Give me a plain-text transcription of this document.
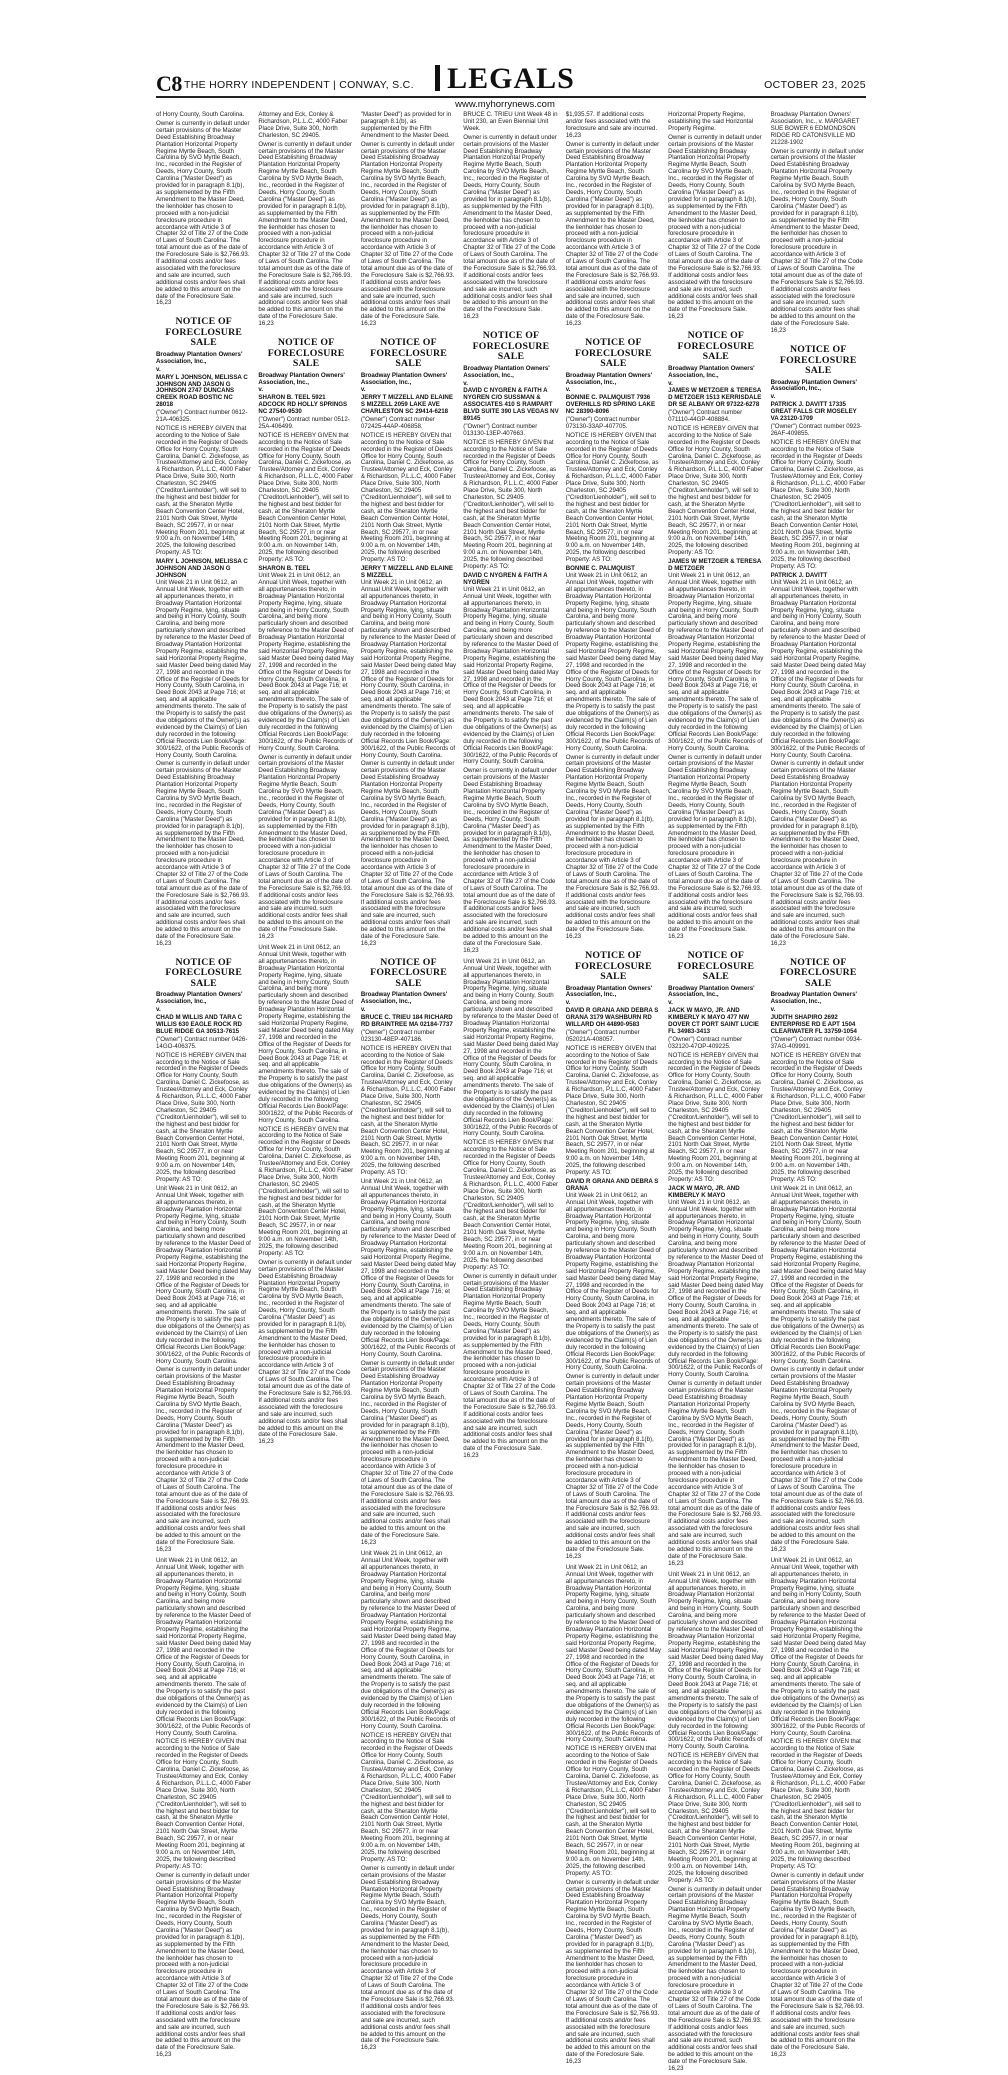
C8 THE HORRY INDEPENDENT | CONWAY, S.C.	LEGALS	OCTOBER 23, 2025
www.myhorrynews.com

of Horry County, South Carolina.

Owner is currently in default under certain provisions of the Master Deed Establishing Broadway Plantation Horizontal Property Regime Myrtle Beach, South Carolina by SVO Myrtle Beach, Inc., recorded in the Register of Deeds, Horry County, South Carolina ("Master Deed") as provided for in paragraph 8.1(b), as supplemented by the Fifth Amendment to the Master Deed, the lienholder has chosen to proceed with a non-judicial foreclosure procedure in accordance with Article 3 of Chapter 32 of Title 27 of the Code of Laws of South Carolina. The total amount due as of the date of the Foreclosure Sale is $2,766.93. If additional costs and/or fees associated with the foreclosure and sale are incurred, such additional costs and/or fees shall be added to this amount on the date of the Foreclosure Sale. 16,23

NOTICE OF FORECLOSURE SALE

Broadway Plantation Owners' Association, Inc.,

v.

MARY L JOHNSON, MELISSA C JOHNSON AND JASON G JOHNSON 2747 DUNCANS CREEK ROAD BOSTIC NC 28018

("Owner") Contract number 0612-21A-406325.

NOTICE IS HEREBY GIVEN that according to the Notice of Sale recorded in the Register of Deeds Office for Horry County, South Carolina, Daniel C. Zickefoose, as Trustee/Attorney and Eck, Conley & Richardson, P.L.L.C, 4000 Faber Place Drive, Suite 300, North Charleston, SC 29405 ("Creditor/Lienholder"), will sell to the highest and best bidder for cash, at the Sheraton Myrtle Beach Convention Center Hotel, 2101 North Oak Street, Myrtle Beach, SC 29577, in or near Meeting Room 201, beginning at 9:00 a.m. on November 14th, 2025, the following described Property: AS TO:

MARY L JOHNSON, MELISSA C JOHNSON AND JASON G JOHNSON

Unit Week 21 in Unit 0612, an Annual Unit Week, together with all appurtenances thereto, in Broadway Plantation Horizontal Property Regime, lying, situate and being in Horry County, South Carolina, and being more particularly shown and described by reference to the Master Deed of Broadway Plantation Horizontal Property Regime, establishing the said Horizontal Property Regime, said Master Deed being dated May 27, 1998 and recorded in the Office of the Register of Deeds for Horry County, South Carolina, in Deed Book 2043 at Page 716; et seq. and all applicable amendments thereto. The sale of the Property is to satisfy the past due obligations of the Owner(s) as evidenced by the Claim(s) of Lien duly recorded in the following Official Records Lien Book/Page: 300/1622, of the Public Records of Horry County, South Carolina.

Owner is currently in default under certain provisions of the Master Deed Establishing Broadway Plantation Horizontal Property Regime Myrtle Beach, South Carolina by SVO Myrtle Beach, Inc., recorded in the Register of Deeds, Horry County, South Carolina ("Master Deed") as provided for in paragraph 8.1(b), as supplemented by the Fifth Amendment to the Master Deed, the lienholder has chosen to proceed with a non-judicial foreclosure procedure in accordance with Article 3 of Chapter 32 of Title 27 of the Code of Laws of South Carolina. The total amount due as of the date of the Foreclosure Sale is $2,766.93. If additional costs and/or fees associated with the foreclosure and sale are incurred, such additional costs and/or fees shall be added to this amount on the date of the Foreclosure Sale. 16,23

NOTICE OF FORECLOSURE SALE

Broadway Plantation Owners' Association, Inc.,

v.

CHAD M WILLIS AND TARA C WILLIS 630 EAGLE ROCK RD BLUE RIDGE GA 30513-7615

("Owner") Contract number 0426-14GO-406375.

NOTICE IS HEREBY GIVEN that according to the Notice of Sale recorded in the Register of Deeds Office for Horry County, South Carolina, Daniel C. Zickefoose, as Trustee/Attorney and Eck, Conley & Richardson, P.L.L.C, 4000 Faber Place Drive, Suite 300, North Charleston, SC 29405 ("Creditor/Lienholder"), will sell to the highest and best bidder for cash, at the Sheraton Myrtle Beach Convention Center Hotel, 2101 North Oak Street, Myrtle Beach, SC 29577, in or near Meeting Room 201, beginning at 9:00 a.m. on November 14th, 2025, the following described Property: AS TO:

Unit Week 21 in Unit 0612, an Annual Unit Week, together with all appurtenances thereto, in Broadway Plantation Horizontal Property Regime, lying, situate and being in Horry County, South Carolina, and being more particularly shown and described by reference to the Master Deed of Broadway Plantation Horizontal Property Regime, establishing the said Horizontal Property Regime, said Master Deed being dated May 27, 1998 and recorded in the Office of the Register of Deeds for Horry County, South Carolina, in Deed Book 2043 at Page 716; et seq. and all applicable amendments thereto. The sale of the Property is to satisfy the past due obligations of the Owner(s) as evidenced by the Claim(s) of Lien duly recorded in the following Official Records Lien Book/Page: 300/1622, of the Public Records of Horry County, South Carolina.

Owner is currently in default under certain provisions of the Master Deed Establishing Broadway Plantation Horizontal Property Regime Myrtle Beach, South Carolina by SVO Myrtle Beach, Inc., recorded in the Register of Deeds, Horry County, South Carolina ("Master Deed") as provided for in paragraph 8.1(b), as supplemented by the Fifth Amendment to the Master Deed, the lienholder has chosen to proceed with a non-judicial foreclosure procedure in accordance with Article 3 of Chapter 32 of Title 27 of the Code of Laws of South Carolina. The total amount due as of the date of the Foreclosure Sale is $2,766.93. If additional costs and/or fees associated with the foreclosure and sale are incurred, such additional costs and/or fees shall be added to this amount on the date of the Foreclosure Sale. 16,23

Unit Week 21 in Unit 0612, an Annual Unit Week, together with all appurtenances thereto, in Broadway Plantation Horizontal Property Regime, lying, situate and being in Horry County, South Carolina, and being more particularly shown and described by reference to the Master Deed of Broadway Plantation Horizontal Property Regime, establishing the said Horizontal Property Regime, said Master Deed being dated May 27, 1998 and recorded in the Office of the Register of Deeds for Horry County, South Carolina, in Deed Book 2043 at Page 716; et seq. and all applicable amendments thereto. The sale of the Property is to satisfy the past due obligations of the Owner(s) as evidenced by the Claim(s) of Lien duly recorded in the following Official Records Lien Book/Page: 300/1622, of the Public Records of Horry County, South Carolina.

NOTICE IS HEREBY GIVEN that according to the Notice of Sale recorded in the Register of Deeds Office for Horry County, South Carolina, Daniel C. Zickefoose, as Trustee/Attorney and Eck, Conley & Richardson, P.L.L.C, 4000 Faber Place Drive, Suite 300, North Charleston, SC 29405 ("Creditor/Lienholder"), will sell to the highest and best bidder for cash, at the Sheraton Myrtle Beach Convention Center Hotel, 2101 North Oak Street, Myrtle Beach, SC 29577, in or near Meeting Room 201, beginning at 9:00 a.m. on November 14th, 2025, the following described Property: AS TO:

Owner is currently in default under certain provisions of the Master Deed Establishing Broadway Plantation Horizontal Property Regime Myrtle Beach, South Carolina by SVO Myrtle Beach, Inc., recorded in the Register of Deeds, Horry County, South Carolina ("Master Deed") as provided for in paragraph 8.1(b), as supplemented by the Fifth Amendment to the Master Deed, the lienholder has chosen to proceed with a non-judicial foreclosure procedure in accordance with Article 3 of Chapter 32 of Title 27 of the Code of Laws of South Carolina. The total amount due as of the date of the Foreclosure Sale is $2,766.93. If additional costs and/or fees associated with the foreclosure and sale are incurred, such additional costs and/or fees shall be added to this amount on the date of the Foreclosure Sale. 16,23

Attorney and Eck, Conley & Richardson, P.L.L.C, 4000 Faber Place Drive, Suite 300, North Charleston, SC 29405.

Owner is currently in default under certain provisions of the Master Deed Establishing Broadway Plantation Horizontal Property Regime Myrtle Beach, South Carolina by SVO Myrtle Beach, Inc., recorded in the Register of Deeds, Horry County, South Carolina ("Master Deed") as provided for in paragraph 8.1(b), as supplemented by the Fifth Amendment to the Master Deed, the lienholder has chosen to proceed with a non-judicial foreclosure procedure in accordance with Article 3 of Chapter 32 of Title 27 of the Code of Laws of South Carolina. The total amount due as of the date of the Foreclosure Sale is $2,766.93. If additional costs and/or fees associated with the foreclosure and sale are incurred, such additional costs and/or fees shall be added to this amount on the date of the Foreclosure Sale. 16,23

NOTICE OF FORECLOSURE SALE

Broadway Plantation Owners' Association, Inc.,

v.

SHARON B. TEEL 5921 ADCOCK RD HOLLY SPRINGS NC 27540-9530

("Owner") Contract number 0512-25A-406499.

NOTICE IS HEREBY GIVEN that according to the Notice of Sale recorded in the Register of Deeds Office for Horry County, South Carolina, Daniel C. Zickefoose, as Trustee/Attorney and Eck, Conley & Richardson, P.L.L.C, 4000 Faber Place Drive, Suite 300, North Charleston, SC 29405 ("Creditor/Lienholder"), will sell to the highest and best bidder for cash, at the Sheraton Myrtle Beach Convention Center Hotel, 2101 North Oak Street, Myrtle Beach, SC 29577, in or near Meeting Room 201, beginning at 9:00 a.m. on November 14th, 2025, the following described Property: AS TO:

SHARON B. TEEL

Unit Week 21 in Unit 0612, an Annual Unit Week, together with all appurtenances thereto, in Broadway Plantation Horizontal Property Regime, lying, situate and being in Horry County, South Carolina, and being more particularly shown and described by reference to the Master Deed of Broadway Plantation Horizontal Property Regime, establishing the said Horizontal Property Regime, said Master Deed being dated May 27, 1998 and recorded in the Office of the Register of Deeds for Horry County, South Carolina, in Deed Book 2043 at Page 716; et seq. and all applicable amendments thereto. The sale of the Property is to satisfy the past due obligations of the Owner(s) as evidenced by the Claim(s) of Lien duly recorded in the following Official Records Lien Book/Page: 300/1622, of the Public Records of Horry County, South Carolina.

Owner is currently in default under certain provisions of the Master Deed Establishing Broadway Plantation Horizontal Property Regime Myrtle Beach, South Carolina by SVO Myrtle Beach, Inc., recorded in the Register of Deeds, Horry County, South Carolina ("Master Deed") as provided for in paragraph 8.1(b), as supplemented by the Fifth Amendment to the Master Deed, the lienholder has chosen to proceed with a non-judicial foreclosure procedure in accordance with Article 3 of Chapter 32 of Title 27 of the Code of Laws of South Carolina. The total amount due as of the date of the Foreclosure Sale is $2,766.93. If additional costs and/or fees associated with the foreclosure and sale are incurred, such additional costs and/or fees shall be added to this amount on the date of the Foreclosure Sale. 16,23

Unit Week 21 in Unit 0612, an Annual Unit Week, together with all appurtenances thereto, in Broadway Plantation Horizontal Property Regime, lying, situate and being in Horry County, South Carolina, and being more particularly shown and described by reference to the Master Deed of Broadway Plantation Horizontal Property Regime, establishing the said Horizontal Property Regime, said Master Deed being dated May 27, 1998 and recorded in the Office of the Register of Deeds for Horry County, South Carolina, in Deed Book 2043 at Page 716; et seq. and all applicable amendments thereto. The sale of the Property is to satisfy the past due obligations of the Owner(s) as evidenced by the Claim(s) of Lien duly recorded in the following Official Records Lien Book/Page: 300/1622, of the Public Records of Horry County, South Carolina.

NOTICE IS HEREBY GIVEN that according to the Notice of Sale recorded in the Register of Deeds Office for Horry County, South Carolina, Daniel C. Zickefoose, as Trustee/Attorney and Eck, Conley & Richardson, P.L.L.C, 4000 Faber Place Drive, Suite 300, North Charleston, SC 29405 ("Creditor/Lienholder"), will sell to the highest and best bidder for cash, at the Sheraton Myrtle Beach Convention Center Hotel, 2101 North Oak Street, Myrtle Beach, SC 29577, in or near Meeting Room 201, beginning at 9:00 a.m. on November 14th, 2025, the following described Property: AS TO:

Owner is currently in default under certain provisions of the Master Deed Establishing Broadway Plantation Horizontal Property Regime Myrtle Beach, South Carolina by SVO Myrtle Beach, Inc., recorded in the Register of Deeds, Horry County, South Carolina ("Master Deed") as provided for in paragraph 8.1(b), as supplemented by the Fifth Amendment to the Master Deed, the lienholder has chosen to proceed with a non-judicial foreclosure procedure in accordance with Article 3 of Chapter 32 of Title 27 of the Code of Laws of South Carolina. The total amount due as of the date of the Foreclosure Sale is $2,766.93. If additional costs and/or fees associated with the foreclosure and sale are incurred, such additional costs and/or fees shall be added to this amount on the date of the Foreclosure Sale. 16,23

"Master Deed") as provided for in paragraph 8.1(b), as supplemented by the Fifth Amendment to the Master Deed.

Owner is currently in default under certain provisions of the Master Deed Establishing Broadway Plantation Horizontal Property Regime Myrtle Beach, South Carolina by SVO Myrtle Beach, Inc., recorded in the Register of Deeds, Horry County, South Carolina ("Master Deed") as provided for in paragraph 8.1(b), as supplemented by the Fifth Amendment to the Master Deed, the lienholder has chosen to proceed with a non-judicial foreclosure procedure in accordance with Article 3 of Chapter 32 of Title 27 of the Code of Laws of South Carolina. The total amount due as of the date of the Foreclosure Sale is $2,766.93. If additional costs and/or fees associated with the foreclosure and sale are incurred, such additional costs and/or fees shall be added to this amount on the date of the Foreclosure Sale. 16,23

NOTICE OF FORECLOSURE SALE

Broadway Plantation Owners' Association, Inc.,

v.

JERRY T MIZZELL AND ELAINE S MIZZELL 2059 LAKE AVE CHARLESTON SC 29414-6218

("Owner") Contract number 072425-44AP-406858.

NOTICE IS HEREBY GIVEN that according to the Notice of Sale recorded in the Register of Deeds Office for Horry County, South Carolina, Daniel C. Zickefoose, as Trustee/Attorney and Eck, Conley & Richardson, P.L.L.C, 4000 Faber Place Drive, Suite 300, North Charleston, SC 29405 ("Creditor/Lienholder"), will sell to the highest and best bidder for cash, at the Sheraton Myrtle Beach Convention Center Hotel, 2101 North Oak Street, Myrtle Beach, SC 29577, in or near Meeting Room 201, beginning at 9:00 a.m. on November 14th, 2025, the following described Property: AS TO:

JERRY T MIZZELL AND ELAINE S MIZZELL

Unit Week 21 in Unit 0612, an Annual Unit Week, together with all appurtenances thereto, in Broadway Plantation Horizontal Property Regime, lying, situate and being in Horry County, South Carolina, and being more particularly shown and described by reference to the Master Deed of Broadway Plantation Horizontal Property Regime, establishing the said Horizontal Property Regime, said Master Deed being dated May 27, 1998 and recorded in the Office of the Register of Deeds for Horry County, South Carolina, in Deed Book 2043 at Page 716; et seq. and all applicable amendments thereto. The sale of the Property is to satisfy the past due obligations of the Owner(s) as evidenced by the Claim(s) of Lien duly recorded in the following Official Records Lien Book/Page: 300/1622, of the Public Records of Horry County, South Carolina.

Owner is currently in default under certain provisions of the Master Deed Establishing Broadway Plantation Horizontal Property Regime Myrtle Beach, South Carolina by SVO Myrtle Beach, Inc., recorded in the Register of Deeds, Horry County, South Carolina ("Master Deed") as provided for in paragraph 8.1(b), as supplemented by the Fifth Amendment to the Master Deed, the lienholder has chosen to proceed with a non-judicial foreclosure procedure in accordance with Article 3 of Chapter 32 of Title 27 of the Code of Laws of South Carolina. The total amount due as of the date of the Foreclosure Sale is $2,766.93. If additional costs and/or fees associated with the foreclosure and sale are incurred, such additional costs and/or fees shall be added to this amount on the date of the Foreclosure Sale. 16,23

NOTICE OF FORECLOSURE SALE

Broadway Plantation Owners' Association, Inc.,

v.

BRUCE C. TRIEU 184 RICHARD RD BRAINTREE MA 02184-7737

("Owner") Contract number 023130-48EP-407186.

NOTICE IS HEREBY GIVEN that according to the Notice of Sale recorded in the Register of Deeds Office for Horry County, South Carolina, Daniel C. Zickefoose, as Trustee/Attorney and Eck, Conley & Richardson, P.L.L.C, 4000 Faber Place Drive, Suite 300, North Charleston, SC 29405 ("Creditor/Lienholder"), will sell to the highest and best bidder for cash, at the Sheraton Myrtle Beach Convention Center Hotel, 2101 North Oak Street, Myrtle Beach, SC 29577, in or near Meeting Room 201, beginning at 9:00 a.m. on November 14th, 2025, the following described Property: AS TO:

Unit Week 21 in Unit 0612, an Annual Unit Week, together with all appurtenances thereto, in Broadway Plantation Horizontal Property Regime, lying, situate and being in Horry County, South Carolina, and being more particularly shown and described by reference to the Master Deed of Broadway Plantation Horizontal Property Regime, establishing the said Horizontal Property Regime, said Master Deed being dated May 27, 1998 and recorded in the Office of the Register of Deeds for Horry County, South Carolina, in Deed Book 2043 at Page 716; et seq. and all applicable amendments thereto. The sale of the Property is to satisfy the past due obligations of the Owner(s) as evidenced by the Claim(s) of Lien duly recorded in the following Official Records Lien Book/Page: 300/1622, of the Public Records of Horry County, South Carolina.

Owner is currently in default under certain provisions of the Master Deed Establishing Broadway Plantation Horizontal Property Regime Myrtle Beach, South Carolina by SVO Myrtle Beach, Inc., recorded in the Register of Deeds, Horry County, South Carolina ("Master Deed") as provided for in paragraph 8.1(b), as supplemented by the Fifth Amendment to the Master Deed, the lienholder has chosen to proceed with a non-judicial foreclosure procedure in accordance with Article 3 of Chapter 32 of Title 27 of the Code of Laws of South Carolina. The total amount due as of the date of the Foreclosure Sale is $2,766.93. If additional costs and/or fees associated with the foreclosure and sale are incurred, such additional costs and/or fees shall be added to this amount on the date of the Foreclosure Sale. 16,23

Unit Week 21 in Unit 0612, an Annual Unit Week, together with all appurtenances thereto, in Broadway Plantation Horizontal Property Regime, lying, situate and being in Horry County, South Carolina, and being more particularly shown and described by reference to the Master Deed of Broadway Plantation Horizontal Property Regime, establishing the said Horizontal Property Regime, said Master Deed being dated May 27, 1998 and recorded in the Office of the Register of Deeds for Horry County, South Carolina, in Deed Book 2043 at Page 716; et seq. and all applicable amendments thereto. The sale of the Property is to satisfy the past due obligations of the Owner(s) as evidenced by the Claim(s) of Lien duly recorded in the following Official Records Lien Book/Page: 300/1622, of the Public Records of Horry County, South Carolina.

NOTICE IS HEREBY GIVEN that according to the Notice of Sale recorded in the Register of Deeds Office for Horry County, South Carolina, Daniel C. Zickefoose, as Trustee/Attorney and Eck, Conley & Richardson, P.L.L.C, 4000 Faber Place Drive, Suite 300, North Charleston, SC 29405 ("Creditor/Lienholder"), will sell to the highest and best bidder for cash, at the Sheraton Myrtle Beach Convention Center Hotel, 2101 North Oak Street, Myrtle Beach, SC 29577, in or near Meeting Room 201, beginning at 9:00 a.m. on November 14th, 2025, the following described Property: AS TO:

Owner is currently in default under certain provisions of the Master Deed Establishing Broadway Plantation Horizontal Property Regime Myrtle Beach, South Carolina by SVO Myrtle Beach, Inc., recorded in the Register of Deeds, Horry County, South Carolina ("Master Deed") as provided for in paragraph 8.1(b), as supplemented by the Fifth Amendment to the Master Deed, the lienholder has chosen to proceed with a non-judicial foreclosure procedure in accordance with Article 3 of Chapter 32 of Title 27 of the Code of Laws of South Carolina. The total amount due as of the date of the Foreclosure Sale is $2,766.93. If additional costs and/or fees associated with the foreclosure and sale are incurred, such additional costs and/or fees shall be added to this amount on the date of the Foreclosure Sale. 16,23

BRUCE C. TRIEU Unit Week 48 in Unit 230, an Even Biennial Unit Week.

Owner is currently in default under certain provisions of the Master Deed Establishing Broadway Plantation Horizontal Property Regime Myrtle Beach, South Carolina by SVO Myrtle Beach, Inc., recorded in the Register of Deeds, Horry County, South Carolina ("Master Deed") as provided for in paragraph 8.1(b), as supplemented by the Fifth Amendment to the Master Deed, the lienholder has chosen to proceed with a non-judicial foreclosure procedure in accordance with Article 3 of Chapter 32 of Title 27 of the Code of Laws of South Carolina. The total amount due as of the date of the Foreclosure Sale is $2,766.93. If additional costs and/or fees associated with the foreclosure and sale are incurred, such additional costs and/or fees shall be added to this amount on the date of the Foreclosure Sale. 16,23

NOTICE OF FORECLOSURE SALE

Broadway Plantation Owners' Association, Inc.,

v.

DAVID C NYGREN & FAITH A NYGREN C/O SUSSMAN & ASSOCIATES 410 S RAMPART BLVD SUITE 390 LAS VEGAS NV 89145

("Owner") Contract number 013130-13EP-407663.

NOTICE IS HEREBY GIVEN that according to the Notice of Sale recorded in the Register of Deeds Office for Horry County, South Carolina, Daniel C. Zickefoose, as Trustee/Attorney and Eck, Conley & Richardson, P.L.L.C, 4000 Faber Place Drive, Suite 300, North Charleston, SC 29405 ("Creditor/Lienholder"), will sell to the highest and best bidder for cash, at the Sheraton Myrtle Beach Convention Center Hotel, 2101 North Oak Street, Myrtle Beach, SC 29577, in or near Meeting Room 201, beginning at 9:00 a.m. on November 14th, 2025, the following described Property: AS TO:

DAVID C NYGREN & FAITH A NYGREN

Unit Week 21 in Unit 0612, an Annual Unit Week, together with all appurtenances thereto, in Broadway Plantation Horizontal Property Regime, lying, situate and being in Horry County, South Carolina, and being more particularly shown and described by reference to the Master Deed of Broadway Plantation Horizontal Property Regime, establishing the said Horizontal Property Regime, said Master Deed being dated May 27, 1998 and recorded in the Office of the Register of Deeds for Horry County, South Carolina, in Deed Book 2043 at Page 716; et seq. and all applicable amendments thereto. The sale of the Property is to satisfy the past due obligations of the Owner(s) as evidenced by the Claim(s) of Lien duly recorded in the following Official Records Lien Book/Page: 300/1622, of the Public Records of Horry County, South Carolina.

Owner is currently in default under certain provisions of the Master Deed Establishing Broadway Plantation Horizontal Property Regime Myrtle Beach, South Carolina by SVO Myrtle Beach, Inc., recorded in the Register of Deeds, Horry County, South Carolina ("Master Deed") as provided for in paragraph 8.1(b), as supplemented by the Fifth Amendment to the Master Deed, the lienholder has chosen to proceed with a non-judicial foreclosure procedure in accordance with Article 3 of Chapter 32 of Title 27 of the Code of Laws of South Carolina. The total amount due as of the date of the Foreclosure Sale is $2,766.93. If additional costs and/or fees associated with the foreclosure and sale are incurred, such additional costs and/or fees shall be added to this amount on the date of the Foreclosure Sale. 16,23

Unit Week 21 in Unit 0612, an Annual Unit Week, together with all appurtenances thereto, in Broadway Plantation Horizontal Property Regime, lying, situate and being in Horry County, South Carolina, and being more particularly shown and described by reference to the Master Deed of Broadway Plantation Horizontal Property Regime, establishing the said Horizontal Property Regime, said Master Deed being dated May 27, 1998 and recorded in the Office of the Register of Deeds for Horry County, South Carolina, in Deed Book 2043 at Page 716; et seq. and all applicable amendments thereto. The sale of the Property is to satisfy the past due obligations of the Owner(s) as evidenced by the Claim(s) of Lien duly recorded in the following Official Records Lien Book/Page: 300/1622, of the Public Records of Horry County, South Carolina.

NOTICE IS HEREBY GIVEN that according to the Notice of Sale recorded in the Register of Deeds Office for Horry County, South Carolina, Daniel C. Zickefoose, as Trustee/Attorney and Eck, Conley & Richardson, P.L.L.C, 4000 Faber Place Drive, Suite 300, North Charleston, SC 29405 ("Creditor/Lienholder"), will sell to the highest and best bidder for cash, at the Sheraton Myrtle Beach Convention Center Hotel, 2101 North Oak Street, Myrtle Beach, SC 29577, in or near Meeting Room 201, beginning at 9:00 a.m. on November 14th, 2025, the following described Property: AS TO:

Owner is currently in default under certain provisions of the Master Deed Establishing Broadway Plantation Horizontal Property Regime Myrtle Beach, South Carolina by SVO Myrtle Beach, Inc., recorded in the Register of Deeds, Horry County, South Carolina ("Master Deed") as provided for in paragraph 8.1(b), as supplemented by the Fifth Amendment to the Master Deed, the lienholder has chosen to proceed with a non-judicial foreclosure procedure in accordance with Article 3 of Chapter 32 of Title 27 of the Code of Laws of South Carolina. The total amount due as of the date of the Foreclosure Sale is $2,766.93. If additional costs and/or fees associated with the foreclosure and sale are incurred, such additional costs and/or fees shall be added to this amount on the date of the Foreclosure Sale. 16,23

$1,935.57. If additional costs and/or fees associated with the foreclosure and sale are incurred. 16,23

Owner is currently in default under certain provisions of the Master Deed Establishing Broadway Plantation Horizontal Property Regime Myrtle Beach, South Carolina by SVO Myrtle Beach, Inc., recorded in the Register of Deeds, Horry County, South Carolina ("Master Deed") as provided for in paragraph 8.1(b), as supplemented by the Fifth Amendment to the Master Deed, the lienholder has chosen to proceed with a non-judicial foreclosure procedure in accordance with Article 3 of Chapter 32 of Title 27 of the Code of Laws of South Carolina. The total amount due as of the date of the Foreclosure Sale is $2,766.93. If additional costs and/or fees associated with the foreclosure and sale are incurred, such additional costs and/or fees shall be added to this amount on the date of the Foreclosure Sale. 16,23

NOTICE OF FORECLOSURE SALE

Broadway Plantation Owners' Association, Inc.,

v.

BONNIE C. PALMQUIST 7936 OVERHILLS RD SPRING LAKE NC 28390-8096

("Owner") Contract number 073130-33AP-407705.

NOTICE IS HEREBY GIVEN that according to the Notice of Sale recorded in the Register of Deeds Office for Horry County, South Carolina, Daniel C. Zickefoose, as Trustee/Attorney and Eck, Conley & Richardson, P.L.L.C, 4000 Faber Place Drive, Suite 300, North Charleston, SC 29405 ("Creditor/Lienholder"), will sell to the highest and best bidder for cash, at the Sheraton Myrtle Beach Convention Center Hotel, 2101 North Oak Street, Myrtle Beach, SC 29577, in or near Meeting Room 201, beginning at 9:00 a.m. on November 14th, 2025, the following described Property: AS TO:

BONNIE C. PALMQUIST

Unit Week 21 in Unit 0612, an Annual Unit Week, together with all appurtenances thereto, in Broadway Plantation Horizontal Property Regime, lying, situate and being in Horry County, South Carolina, and being more particularly shown and described by reference to the Master Deed of Broadway Plantation Horizontal Property Regime, establishing the said Horizontal Property Regime, said Master Deed being dated May 27, 1998 and recorded in the Office of the Register of Deeds for Horry County, South Carolina, in Deed Book 2043 at Page 716; et seq. and all applicable amendments thereto. The sale of the Property is to satisfy the past due obligations of the Owner(s) as evidenced by the Claim(s) of Lien duly recorded in the following Official Records Lien Book/Page: 300/1622, of the Public Records of Horry County, South Carolina.

Owner is currently in default under certain provisions of the Master Deed Establishing Broadway Plantation Horizontal Property Regime Myrtle Beach, South Carolina by SVO Myrtle Beach, Inc., recorded in the Register of Deeds, Horry County, South Carolina ("Master Deed") as provided for in paragraph 8.1(b), as supplemented by the Fifth Amendment to the Master Deed, the lienholder has chosen to proceed with a non-judicial foreclosure procedure in accordance with Article 3 of Chapter 32 of Title 27 of the Code of Laws of South Carolina. The total amount due as of the date of the Foreclosure Sale is $2,766.93. If additional costs and/or fees associated with the foreclosure and sale are incurred, such additional costs and/or fees shall be added to this amount on the date of the Foreclosure Sale. 16,23

NOTICE OF FORECLOSURE SALE

Broadway Plantation Owners' Association, Inc.,

v.

DAVID R GRANA AND DEBRA S GRANA 3179 WASHBURN RD WILLARD OH 44890-9583

("Owner") Contract number 052021A-408057.

NOTICE IS HEREBY GIVEN that according to the Notice of Sale recorded in the Register of Deeds Office for Horry County, South Carolina, Daniel C. Zickefoose, as Trustee/Attorney and Eck, Conley & Richardson, P.L.L.C, 4000 Faber Place Drive, Suite 300, North Charleston, SC 29405 ("Creditor/Lienholder"), will sell to the highest and best bidder for cash, at the Sheraton Myrtle Beach Convention Center Hotel, 2101 North Oak Street, Myrtle Beach, SC 29577, in or near Meeting Room 201, beginning at 9:00 a.m. on November 14th, 2025, the following described Property: AS TO:

DAVID R GRANA AND DEBRA S GRANA

Unit Week 21 in Unit 0612, an Annual Unit Week, together with all appurtenances thereto, in Broadway Plantation Horizontal Property Regime, lying, situate and being in Horry County, South Carolina, and being more particularly shown and described by reference to the Master Deed of Broadway Plantation Horizontal Property Regime, establishing the said Horizontal Property Regime, said Master Deed being dated May 27, 1998 and recorded in the Office of the Register of Deeds for Horry County, South Carolina, in Deed Book 2043 at Page 716; et seq. and all applicable amendments thereto. The sale of the Property is to satisfy the past due obligations of the Owner(s) as evidenced by the Claim(s) of Lien duly recorded in the following Official Records Lien Book/Page: 300/1622, of the Public Records of Horry County, South Carolina.

Owner is currently in default under certain provisions of the Master Deed Establishing Broadway Plantation Horizontal Property Regime Myrtle Beach, South Carolina by SVO Myrtle Beach, Inc., recorded in the Register of Deeds, Horry County, South Carolina ("Master Deed") as provided for in paragraph 8.1(b), as supplemented by the Fifth Amendment to the Master Deed, the lienholder has chosen to proceed with a non-judicial foreclosure procedure in accordance with Article 3 of Chapter 32 of Title 27 of the Code of Laws of South Carolina. The total amount due as of the date of the Foreclosure Sale is $2,766.93. If additional costs and/or fees associated with the foreclosure and sale are incurred, such additional costs and/or fees shall be added to this amount on the date of the Foreclosure Sale. 16,23

Unit Week 21 in Unit 0612, an Annual Unit Week, together with all appurtenances thereto, in Broadway Plantation Horizontal Property Regime, lying, situate and being in Horry County, South Carolina, and being more particularly shown and described by reference to the Master Deed of Broadway Plantation Horizontal Property Regime, establishing the said Horizontal Property Regime, said Master Deed being dated May 27, 1998 and recorded in the Office of the Register of Deeds for Horry County, South Carolina, in Deed Book 2043 at Page 716; et seq. and all applicable amendments thereto. The sale of the Property is to satisfy the past due obligations of the Owner(s) as evidenced by the Claim(s) of Lien duly recorded in the following Official Records Lien Book/Page: 300/1622, of the Public Records of Horry County, South Carolina.

NOTICE IS HEREBY GIVEN that according to the Notice of Sale recorded in the Register of Deeds Office for Horry County, South Carolina, Daniel C. Zickefoose, as Trustee/Attorney and Eck, Conley & Richardson, P.L.L.C, 4000 Faber Place Drive, Suite 300, North Charleston, SC 29405 ("Creditor/Lienholder"), will sell to the highest and best bidder for cash, at the Sheraton Myrtle Beach Convention Center Hotel, 2101 North Oak Street, Myrtle Beach, SC 29577, in or near Meeting Room 201, beginning at 9:00 a.m. on November 14th, 2025, the following described Property: AS TO:

Owner is currently in default under certain provisions of the Master Deed Establishing Broadway Plantation Horizontal Property Regime Myrtle Beach, South Carolina by SVO Myrtle Beach, Inc., recorded in the Register of Deeds, Horry County, South Carolina ("Master Deed") as provided for in paragraph 8.1(b), as supplemented by the Fifth Amendment to the Master Deed, the lienholder has chosen to proceed with a non-judicial foreclosure procedure in accordance with Article 3 of Chapter 32 of Title 27 of the Code of Laws of South Carolina. The total amount due as of the date of the Foreclosure Sale is $2,766.93. If additional costs and/or fees associated with the foreclosure and sale are incurred, such additional costs and/or fees shall be added to this amount on the date of the Foreclosure Sale. 16,23

Horizontal Property Regime, establishing the said Horizontal Property Regime.

Owner is currently in default under certain provisions of the Master Deed Establishing Broadway Plantation Horizontal Property Regime Myrtle Beach, South Carolina by SVO Myrtle Beach, Inc., recorded in the Register of Deeds, Horry County, South Carolina ("Master Deed") as provided for in paragraph 8.1(b), as supplemented by the Fifth Amendment to the Master Deed, the lienholder has chosen to proceed with a non-judicial foreclosure procedure in accordance with Article 3 of Chapter 32 of Title 27 of the Code of Laws of South Carolina. The total amount due as of the date of the Foreclosure Sale is $2,766.93. If additional costs and/or fees associated with the foreclosure and sale are incurred, such additional costs and/or fees shall be added to this amount on the date of the Foreclosure Sale. 16,23

NOTICE OF FORECLOSURE SALE

Broadway Plantation Owners' Association, Inc.,

v.

JAMES W METZGER & TERESA D METZGER 1513 KERRISDALE DR SE ALBANY OR 97322-6278

("Owner") Contract number 071110-44GP-408884.

NOTICE IS HEREBY GIVEN that according to the Notice of Sale recorded in the Register of Deeds Office for Horry County, South Carolina, Daniel C. Zickefoose, as Trustee/Attorney and Eck, Conley & Richardson, P.L.L.C, 4000 Faber Place Drive, Suite 300, North Charleston, SC 29405 ("Creditor/Lienholder"), will sell to the highest and best bidder for cash, at the Sheraton Myrtle Beach Convention Center Hotel, 2101 North Oak Street, Myrtle Beach, SC 29577, in or near Meeting Room 201, beginning at 9:00 a.m. on November 14th, 2025, the following described Property: AS TO:

JAMES W METZGER & TERESA D METZGER

Unit Week 21 in Unit 0612, an Annual Unit Week, together with all appurtenances thereto, in Broadway Plantation Horizontal Property Regime, lying, situate and being in Horry County, South Carolina, and being more particularly shown and described by reference to the Master Deed of Broadway Plantation Horizontal Property Regime, establishing the said Horizontal Property Regime, said Master Deed being dated May 27, 1998 and recorded in the Office of the Register of Deeds for Horry County, South Carolina, in Deed Book 2043 at Page 716; et seq. and all applicable amendments thereto. The sale of the Property is to satisfy the past due obligations of the Owner(s) as evidenced by the Claim(s) of Lien duly recorded in the following Official Records Lien Book/Page: 300/1622, of the Public Records of Horry County, South Carolina.

Owner is currently in default under certain provisions of the Master Deed Establishing Broadway Plantation Horizontal Property Regime Myrtle Beach, South Carolina by SVO Myrtle Beach, Inc., recorded in the Register of Deeds, Horry County, South Carolina ("Master Deed") as provided for in paragraph 8.1(b), as supplemented by the Fifth Amendment to the Master Deed, the lienholder has chosen to proceed with a non-judicial foreclosure procedure in accordance with Article 3 of Chapter 32 of Title 27 of the Code of Laws of South Carolina. The total amount due as of the date of the Foreclosure Sale is $2,766.93. If additional costs and/or fees associated with the foreclosure and sale are incurred, such additional costs and/or fees shall be added to this amount on the date of the Foreclosure Sale. 16,23

NOTICE OF FORECLOSURE SALE

Broadway Plantation Owners' Association, Inc.,

v.

JACK W MAYO, JR. AND KIMBERLY K MAYO 477 NW DOVER CT PORT SAINT LUCIE FL 34983-3413

("Owner") Contract number 032120-47OP-409225.

NOTICE IS HEREBY GIVEN that according to the Notice of Sale recorded in the Register of Deeds Office for Horry County, South Carolina, Daniel C. Zickefoose, as Trustee/Attorney and Eck, Conley & Richardson, P.L.L.C, 4000 Faber Place Drive, Suite 300, North Charleston, SC 29405 ("Creditor/Lienholder"), will sell to the highest and best bidder for cash, at the Sheraton Myrtle Beach Convention Center Hotel, 2101 North Oak Street, Myrtle Beach, SC 29577, in or near Meeting Room 201, beginning at 9:00 a.m. on November 14th, 2025, the following described Property: AS TO:

JACK W MAYO, JR. AND KIMBERLY K MAYO

Unit Week 21 in Unit 0612, an Annual Unit Week, together with all appurtenances thereto, in Broadway Plantation Horizontal Property Regime, lying, situate and being in Horry County, South Carolina, and being more particularly shown and described by reference to the Master Deed of Broadway Plantation Horizontal Property Regime, establishing the said Horizontal Property Regime, said Master Deed being dated May 27, 1998 and recorded in the Office of the Register of Deeds for Horry County, South Carolina, in Deed Book 2043 at Page 716; et seq. and all applicable amendments thereto. The sale of the Property is to satisfy the past due obligations of the Owner(s) as evidenced by the Claim(s) of Lien duly recorded in the following Official Records Lien Book/Page: 300/1622, of the Public Records of Horry County, South Carolina.

Owner is currently in default under certain provisions of the Master Deed Establishing Broadway Plantation Horizontal Property Regime Myrtle Beach, South Carolina by SVO Myrtle Beach, Inc., recorded in the Register of Deeds, Horry County, South Carolina ("Master Deed") as provided for in paragraph 8.1(b), as supplemented by the Fifth Amendment to the Master Deed, the lienholder has chosen to proceed with a non-judicial foreclosure procedure in accordance with Article 3 of Chapter 32 of Title 27 of the Code of Laws of South Carolina. The total amount due as of the date of the Foreclosure Sale is $2,766.93. If additional costs and/or fees associated with the foreclosure and sale are incurred, such additional costs and/or fees shall be added to this amount on the date of the Foreclosure Sale. 16,23

Unit Week 21 in Unit 0612, an Annual Unit Week, together with all appurtenances thereto, in Broadway Plantation Horizontal Property Regime, lying, situate and being in Horry County, South Carolina, and being more particularly shown and described by reference to the Master Deed of Broadway Plantation Horizontal Property Regime, establishing the said Horizontal Property Regime, said Master Deed being dated May 27, 1998 and recorded in the Office of the Register of Deeds for Horry County, South Carolina, in Deed Book 2043 at Page 716; et seq. and all applicable amendments thereto. The sale of the Property is to satisfy the past due obligations of the Owner(s) as evidenced by the Claim(s) of Lien duly recorded in the following Official Records Lien Book/Page: 300/1622, of the Public Records of Horry County, South Carolina.

NOTICE IS HEREBY GIVEN that according to the Notice of Sale recorded in the Register of Deeds Office for Horry County, South Carolina, Daniel C. Zickefoose, as Trustee/Attorney and Eck, Conley & Richardson, P.L.L.C, 4000 Faber Place Drive, Suite 300, North Charleston, SC 29405 ("Creditor/Lienholder"), will sell to the highest and best bidder for cash, at the Sheraton Myrtle Beach Convention Center Hotel, 2101 North Oak Street, Myrtle Beach, SC 29577, in or near Meeting Room 201, beginning at 9:00 a.m. on November 14th, 2025, the following described Property: AS TO:

Owner is currently in default under certain provisions of the Master Deed Establishing Broadway Plantation Horizontal Property Regime Myrtle Beach, South Carolina by SVO Myrtle Beach, Inc., recorded in the Register of Deeds, Horry County, South Carolina ("Master Deed") as provided for in paragraph 8.1(b), as supplemented by the Fifth Amendment to the Master Deed, the lienholder has chosen to proceed with a non-judicial foreclosure procedure in accordance with Article 3 of Chapter 32 of Title 27 of the Code of Laws of South Carolina. The total amount due as of the date of the Foreclosure Sale is $2,766.93. If additional costs and/or fees associated with the foreclosure and sale are incurred, such additional costs and/or fees shall be added to this amount on the date of the Foreclosure Sale. 16,23

Broadway Plantation Owners' Association, Inc., v. MARGARET SUE BOWER 6 EDMONDSON RIDGE RD CATONSVILLE MD 21228-1902

Owner is currently in default under certain provisions of the Master Deed Establishing Broadway Plantation Horizontal Property Regime Myrtle Beach, South Carolina by SVO Myrtle Beach, Inc., recorded in the Register of Deeds, Horry County, South Carolina ("Master Deed") as provided for in paragraph 8.1(b), as supplemented by the Fifth Amendment to the Master Deed, the lienholder has chosen to proceed with a non-judicial foreclosure procedure in accordance with Article 3 of Chapter 32 of Title 27 of the Code of Laws of South Carolina. The total amount due as of the date of the Foreclosure Sale is $2,766.93. If additional costs and/or fees associated with the foreclosure and sale are incurred, such additional costs and/or fees shall be added to this amount on the date of the Foreclosure Sale. 16,23

NOTICE OF FORECLOSURE SALE

Broadway Plantation Owners' Association, Inc.,

v.

PATRICK J. DAVITT 17335 GREAT FALLS CIR MOSELEY VA 23120-1709

("Owner") Contract number 0923-26AF-409855.

NOTICE IS HEREBY GIVEN that according to the Notice of Sale recorded in the Register of Deeds Office for Horry County, South Carolina, Daniel C. Zickefoose, as Trustee/Attorney and Eck, Conley & Richardson, P.L.L.C, 4000 Faber Place Drive, Suite 300, North Charleston, SC 29405 ("Creditor/Lienholder"), will sell to the highest and best bidder for cash, at the Sheraton Myrtle Beach Convention Center Hotel, 2101 North Oak Street, Myrtle Beach, SC 29577, in or near Meeting Room 201, beginning at 9:00 a.m. on November 14th, 2025, the following described Property: AS TO:

PATRICK J. DAVITT

Unit Week 21 in Unit 0612, an Annual Unit Week, together with all appurtenances thereto, in Broadway Plantation Horizontal Property Regime, lying, situate and being in Horry County, South Carolina, and being more particularly shown and described by reference to the Master Deed of Broadway Plantation Horizontal Property Regime, establishing the said Horizontal Property Regime, said Master Deed being dated May 27, 1998 and recorded in the Office of the Register of Deeds for Horry County, South Carolina, in Deed Book 2043 at Page 716; et seq. and all applicable amendments thereto. The sale of the Property is to satisfy the past due obligations of the Owner(s) as evidenced by the Claim(s) of Lien duly recorded in the following Official Records Lien Book/Page: 300/1622, of the Public Records of Horry County, South Carolina.

Owner is currently in default under certain provisions of the Master Deed Establishing Broadway Plantation Horizontal Property Regime Myrtle Beach, South Carolina by SVO Myrtle Beach, Inc., recorded in the Register of Deeds, Horry County, South Carolina ("Master Deed") as provided for in paragraph 8.1(b), as supplemented by the Fifth Amendment to the Master Deed, the lienholder has chosen to proceed with a non-judicial foreclosure procedure in accordance with Article 3 of Chapter 32 of Title 27 of the Code of Laws of South Carolina. The total amount due as of the date of the Foreclosure Sale is $2,766.93. If additional costs and/or fees associated with the foreclosure and sale are incurred, such additional costs and/or fees shall be added to this amount on the date of the Foreclosure Sale. 16,23

NOTICE OF FORECLOSURE SALE

Broadway Plantation Owners' Association, Inc.,

v.

JUDITH SHAPIRO 2692 ENTERPRISE RD E APT 1504 CLEARWATER FL 33759-1054

("Owner") Contract number 0934-37AG-409991.

NOTICE IS HEREBY GIVEN that according to the Notice of Sale recorded in the Register of Deeds Office for Horry County, South Carolina, Daniel C. Zickefoose, as Trustee/Attorney and Eck, Conley & Richardson, P.L.L.C, 4000 Faber Place Drive, Suite 300, North Charleston, SC 29405 ("Creditor/Lienholder"), will sell to the highest and best bidder for cash, at the Sheraton Myrtle Beach Convention Center Hotel, 2101 North Oak Street, Myrtle Beach, SC 29577, in or near Meeting Room 201, beginning at 9:00 a.m. on November 14th, 2025, the following described Property: AS TO:

Unit Week 21 in Unit 0612, an Annual Unit Week, together with all appurtenances thereto, in Broadway Plantation Horizontal Property Regime, lying, situate and being in Horry County, South Carolina, and being more particularly shown and described by reference to the Master Deed of Broadway Plantation Horizontal Property Regime, establishing the said Horizontal Property Regime, said Master Deed being dated May 27, 1998 and recorded in the Office of the Register of Deeds for Horry County, South Carolina, in Deed Book 2043 at Page 716; et seq. and all applicable amendments thereto. The sale of the Property is to satisfy the past due obligations of the Owner(s) as evidenced by the Claim(s) of Lien duly recorded in the following Official Records Lien Book/Page: 300/1622, of the Public Records of Horry County, South Carolina.

Owner is currently in default under certain provisions of the Master Deed Establishing Broadway Plantation Horizontal Property Regime Myrtle Beach, South Carolina by SVO Myrtle Beach, Inc., recorded in the Register of Deeds, Horry County, South Carolina ("Master Deed") as provided for in paragraph 8.1(b), as supplemented by the Fifth Amendment to the Master Deed, the lienholder has chosen to proceed with a non-judicial foreclosure procedure in accordance with Article 3 of Chapter 32 of Title 27 of the Code of Laws of South Carolina. The total amount due as of the date of the Foreclosure Sale is $2,766.93. If additional costs and/or fees associated with the foreclosure and sale are incurred, such additional costs and/or fees shall be added to this amount on the date of the Foreclosure Sale. 16,23

Unit Week 21 in Unit 0612, an Annual Unit Week, together with all appurtenances thereto, in Broadway Plantation Horizontal Property Regime, lying, situate and being in Horry County, South Carolina, and being more particularly shown and described by reference to the Master Deed of Broadway Plantation Horizontal Property Regime, establishing the said Horizontal Property Regime, said Master Deed being dated May 27, 1998 and recorded in the Office of the Register of Deeds for Horry County, South Carolina, in Deed Book 2043 at Page 716; et seq. and all applicable amendments thereto. The sale of the Property is to satisfy the past due obligations of the Owner(s) as evidenced by the Claim(s) of Lien duly recorded in the following Official Records Lien Book/Page: 300/1622, of the Public Records of Horry County, South Carolina.

NOTICE IS HEREBY GIVEN that according to the Notice of Sale recorded in the Register of Deeds Office for Horry County, South Carolina, Daniel C. Zickefoose, as Trustee/Attorney and Eck, Conley & Richardson, P.L.L.C, 4000 Faber Place Drive, Suite 300, North Charleston, SC 29405 ("Creditor/Lienholder"), will sell to the highest and best bidder for cash, at the Sheraton Myrtle Beach Convention Center Hotel, 2101 North Oak Street, Myrtle Beach, SC 29577, in or near Meeting Room 201, beginning at 9:00 a.m. on November 14th, 2025, the following described Property: AS TO:

Owner is currently in default under certain provisions of the Master Deed Establishing Broadway Plantation Horizontal Property Regime Myrtle Beach, South Carolina by SVO Myrtle Beach, Inc., recorded in the Register of Deeds, Horry County, South Carolina ("Master Deed") as provided for in paragraph 8.1(b), as supplemented by the Fifth Amendment to the Master Deed, the lienholder has chosen to proceed with a non-judicial foreclosure procedure in accordance with Article 3 of Chapter 32 of Title 27 of the Code of Laws of South Carolina. The total amount due as of the date of the Foreclosure Sale is $2,766.93. If additional costs and/or fees associated with the foreclosure and sale are incurred, such additional costs and/or fees shall be added to this amount on the date of the Foreclosure Sale. 16,23
